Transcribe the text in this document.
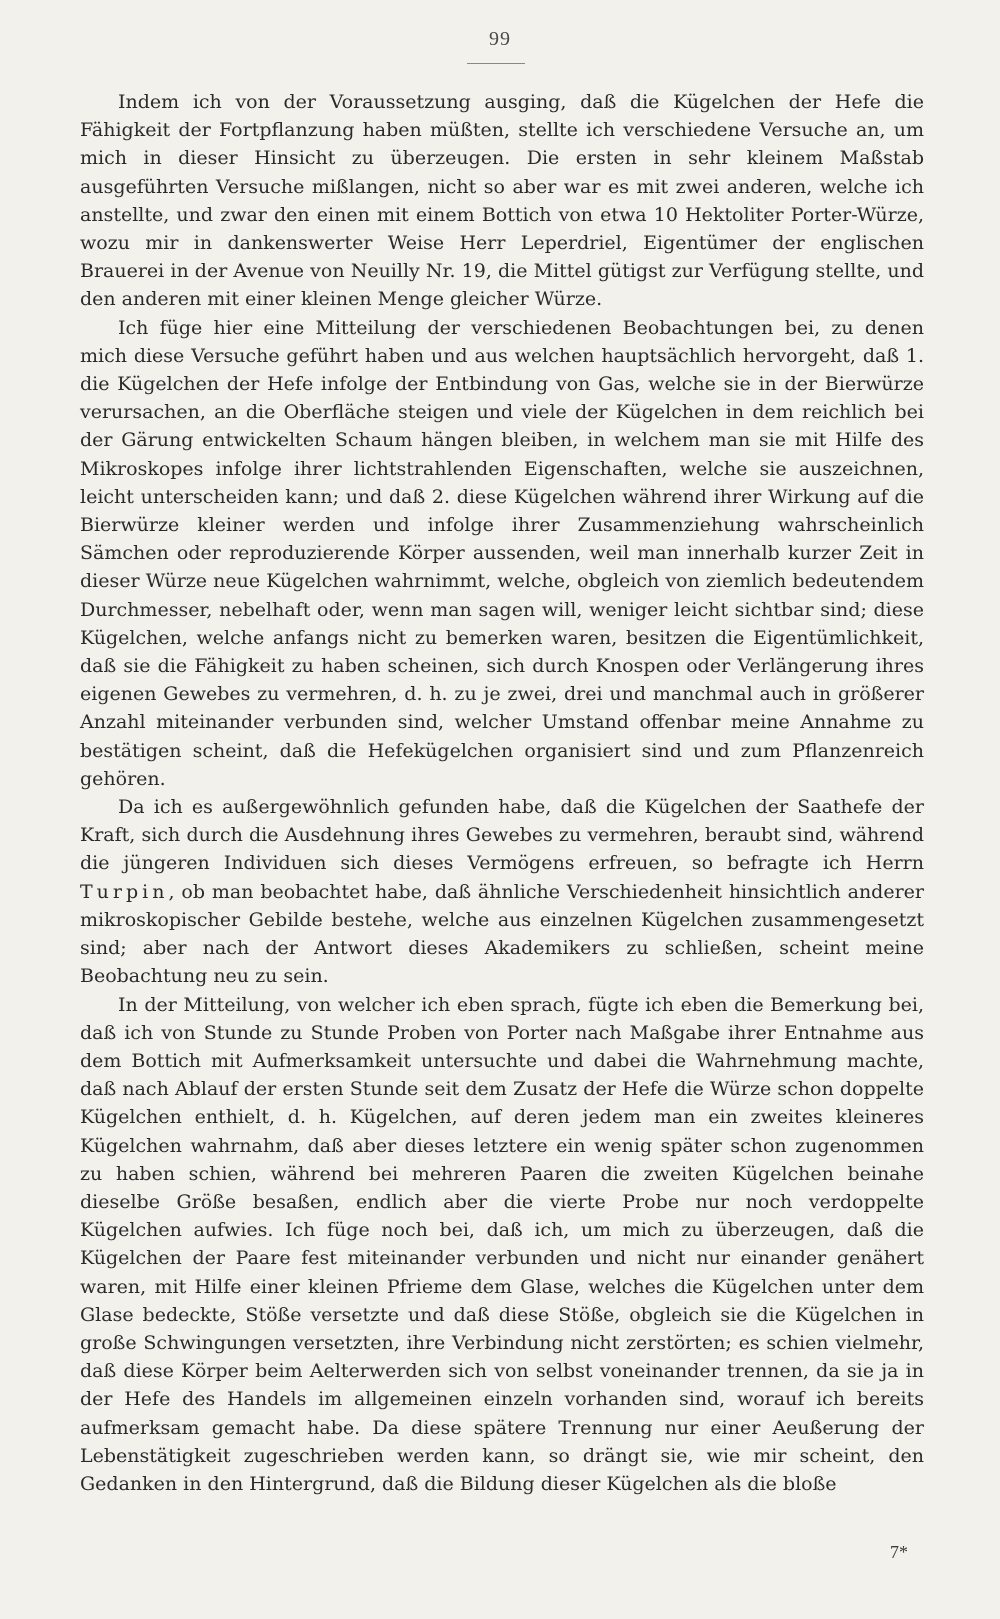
99

Indem ich von der Voraussetzung ausging, daß die Kügelchen der Hefe die Fähigkeit der Fortpflanzung haben müßten, stellte ich verschiedene Versuche an, um mich in dieser Hinsicht zu überzeugen. Die ersten in sehr kleinem Maßstab ausgeführten Versuche mißlangen, nicht so aber war es mit zwei anderen, welche ich anstellte, und zwar den einen mit einem Bottich von etwa 10 Hektoliter Porter-Würze, wozu mir in dankenswerter Weise Herr Leperdriel, Eigentümer der englischen Brauerei in der Avenue von Neuilly Nr. 19, die Mittel gütigst zur Verfügung stellte, und den anderen mit einer kleinen Menge gleicher Würze.

Ich füge hier eine Mitteilung der verschiedenen Beobachtungen bei, zu denen mich diese Versuche geführt haben und aus welchen hauptsächlich hervorgeht, daß 1. die Kügelchen der Hefe infolge der Entbindung von Gas, welche sie in der Bierwürze verursachen, an die Oberfläche steigen und viele der Kügelchen in dem reichlich bei der Gärung entwickelten Schaum hängen bleiben, in welchem man sie mit Hilfe des Mikroskopes infolge ihrer lichtstrahlenden Eigenschaften, welche sie auszeichnen, leicht unterscheiden kann; und daß 2. diese Kügelchen während ihrer Wirkung auf die Bierwürze kleiner werden und infolge ihrer Zusammenziehung wahrscheinlich Sämchen oder reproduzierende Körper aussenden, weil man innerhalb kurzer Zeit in dieser Würze neue Kügelchen wahrnimmt, welche, obgleich von ziemlich bedeutendem Durchmesser, nebelhaft oder, wenn man sagen will, weniger leicht sichtbar sind; diese Kügelchen, welche anfangs nicht zu bemerken waren, besitzen die Eigentümlichkeit, daß sie die Fähigkeit zu haben scheinen, sich durch Knospen oder Verlängerung ihres eigenen Gewebes zu vermehren, d. h. zu je zwei, drei und manchmal auch in größerer Anzahl miteinander verbunden sind, welcher Umstand offenbar meine Annahme zu bestätigen scheint, daß die Hefekügelchen organisiert sind und zum Pflanzenreich gehören.

Da ich es außergewöhnlich gefunden habe, daß die Kügelchen der Saathefe der Kraft, sich durch die Ausdehnung ihres Gewebes zu vermehren, beraubt sind, während die jüngeren Individuen sich dieses Vermögens erfreuen, so befragte ich Herrn Turpin, ob man beobachtet habe, daß ähnliche Verschiedenheit hinsichtlich anderer mikroskopischer Gebilde bestehe, welche aus einzelnen Kügelchen zusammengesetzt sind; aber nach der Antwort dieses Akademikers zu schließen, scheint meine Beobachtung neu zu sein.

In der Mitteilung, von welcher ich eben sprach, fügte ich eben die Bemerkung bei, daß ich von Stunde zu Stunde Proben von Porter nach Maßgabe ihrer Entnahme aus dem Bottich mit Aufmerksamkeit untersuchte und dabei die Wahrnehmung machte, daß nach Ablauf der ersten Stunde seit dem Zusatz der Hefe die Würze schon doppelte Kügelchen enthielt, d. h. Kügelchen, auf deren jedem man ein zweites kleineres Kügelchen wahrnahm, daß aber dieses letztere ein wenig später schon zugenommen zu haben schien, während bei mehreren Paaren die zweiten Kügelchen beinahe dieselbe Größe besaßen, endlich aber die vierte Probe nur noch verdoppelte Kügelchen aufwies. Ich füge noch bei, daß ich, um mich zu überzeugen, daß die Kügelchen der Paare fest miteinander verbunden und nicht nur einander genähert waren, mit Hilfe einer kleinen Pfrieme dem Glase, welches die Kügelchen unter dem Glase bedeckte, Stöße versetzte und daß diese Stöße, obgleich sie die Kügelchen in große Schwingungen versetzten, ihre Verbindung nicht zerstörten; es schien vielmehr, daß diese Körper beim Aelterwerden sich von selbst voneinander trennen, da sie ja in der Hefe des Handels im allgemeinen einzeln vorhanden sind, worauf ich bereits aufmerksam gemacht habe. Da diese spätere Trennung nur einer Aeußerung der Lebenstätigkeit zugeschrieben werden kann, so drängt sie, wie mir scheint, den Gedanken in den Hintergrund, daß die Bildung dieser Kügelchen als die bloße

7*
